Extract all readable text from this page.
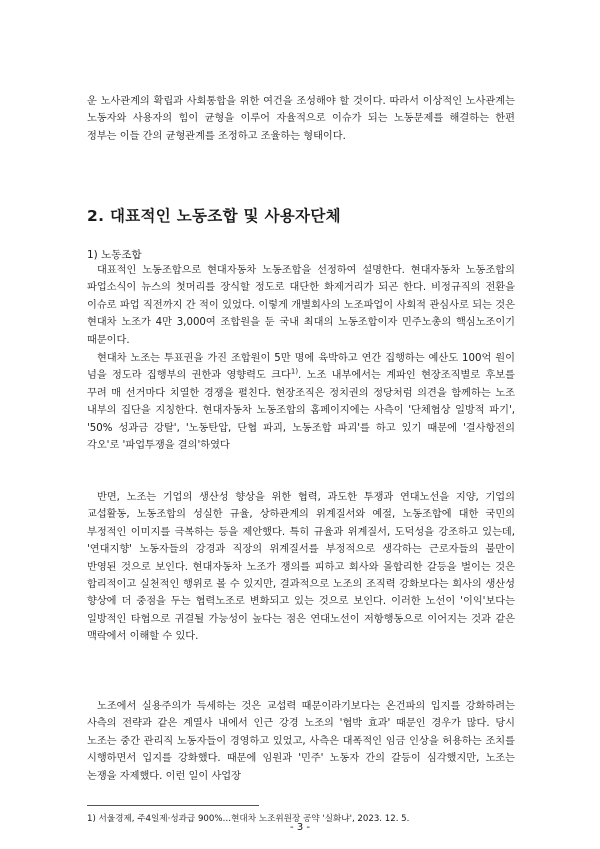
운 노사관계의 확립과 사회통합을 위한 여건을 조성해야 할 것이다. 따라서 이상적인 노사관계는 노동자와 사용자의 힘이 균형을 이루어 자율적으로 이슈가 되는 노동문제를 해결하는 한편 정부는 이들 간의 균형관계를 조정하고 조율하는 형태이다.

2. 대표적인 노동조합 및 사용자단체
1) 노동조합

대표적인 노동조합으로 현대자동차 노동조합을 선정하여 설명한다. 현대자동차 노동조합의 파업소식이 뉴스의 첫머리를 장식할 정도로 대단한 화제거리가 되곤 한다. 비정규직의 전환을 이슈로 파업 직전까지 간 적이 있었다. 이렇게 개별회사의 노조파업이 사회적 관심사로 되는 것은 현대차 노조가 4만 3,000여 조합원을 둔 국내 최대의 노동조합이자 민주노총의 핵심노조이기 때문이다.

현대차 노조는 투표권을 가진 조합원이 5만 명에 육박하고 연간 집행하는 예산도 100억 원이 넘을 정도라 집행부의 권한과 영향력도 크다$^{1)}$. 노조 내부에서는 계파인 현장조직별로 후보를 꾸려 매 선거마다 치열한 경쟁을 펼친다. 현장조직은 정치권의 정당처럼 의견을 함께하는 노조 내부의 집단을 지칭한다. 현대자동차 노동조합의 홈페이지에는 사측이 '단체협상 일방적 파기', '50% 성과금 강탈', '노동탄압, 단협 파괴, 노동조합 파괴'를 하고 있기 때문에 '결사항전의 각오'로 '파업투쟁을 결의'하였다

반면, 노조는 기업의 생산성 향상을 위한 협력, 과도한 투쟁과 연대노선을 지양, 기업의 교섭활동, 노동조합의 성실한 규율, 상하관계의 위계질서와 예절, 노동조합에 대한 국민의 부정적인 이미지를 극복하는 등을 제안했다. 특히 규율과 위계질서, 도덕성을 강조하고 있는데, '연대지향' 노동자들의 강경과 직장의 위계질서를 부정적으로 생각하는 근로자들의 불만이 반영된 것으로 보인다. 현대자동차 노조가 쟁의를 피하고 회사와 몰합리한 갈등을 벌이는 것은 합리적이고 실천적인 행위로 볼 수 있지만, 결과적으로 노조의 조직력 강화보다는 회사의 생산성 향상에 더 중점을 두는 협력노조로 변화되고 있는 것으로 보인다. 이러한 노선이 '이익'보다는 일방적인 타협으로 귀결될 가능성이 높다는 점은 연대노선이 저항행동으로 이어지는 것과 같은 맥락에서 이해할 수 있다.

노조에서 실용주의가 득세하는 것은 교섭력 때문이라기보다는 온건파의 입지를 강화하려는 사측의 전략과 같은 계열사 내에서 인근 강경 노조의 '협박 효과' 때문인 경우가 많다. 당시 노조는 중간 관리직 노동자들이 경영하고 있었고, 사측은 대폭적인 임금 인상을 허용하는 조치를 시행하면서 입지를 강화했다. 때문에 임원과 '민주' 노동자 간의 갈등이 심각했지만, 노조는 논쟁을 자제했다. 이런 일이 사업장

1) 서울경제, 주4일제·성과급 900%…현대차 노조위원장 공약 '실화냐', 2023. 12. 5.
- 3 -
